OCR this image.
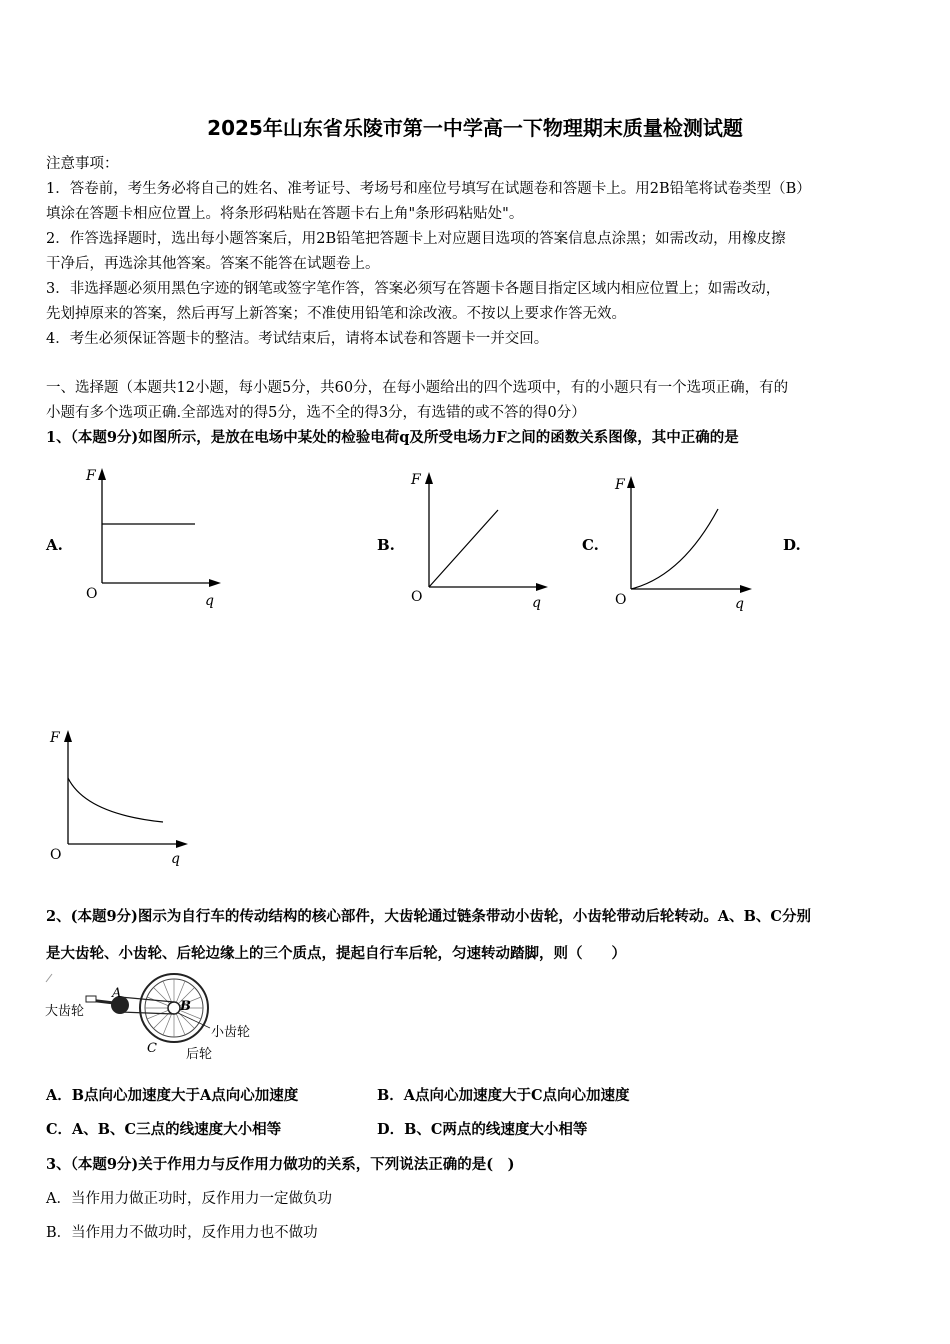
2025年山东省乐陵市第一中学高一下物理期末质量检测试题
注意事项：
1．答卷前，考生务必将自己的姓名、准考证号、考场号和座位号填写在试题卷和答题卡上。用2B铅笔将试卷类型（B）
填涂在答题卡相应位置上。将条形码粘贴在答题卡右上角"条形码粘贴处"。
2．作答选择题时，选出每小题答案后，用2B铅笔把答题卡上对应题目选项的答案信息点涂黑；如需改动，用橡皮擦
干净后，再选涂其他答案。答案不能答在试题卷上。
3．非选择题必须用黑色字迹的钢笔或签字笔作答，答案必须写在答题卡各题目指定区域内相应位置上；如需改动，
先划掉原来的答案，然后再写上新答案；不准使用铅笔和涂改液。不按以上要求作答无效。
4．考生必须保证答题卡的整洁。考试结束后，请将本试卷和答题卡一并交回。
一、选择题（本题共12小题，每小题5分，共60分，在每小题给出的四个选项中，有的小题只有一个选项正确，有的
小题有多个选项正确.全部选对的得5分，选不全的得3分，有选错的或不答的得0分）
1、（本题9分)如图所示，是放在电场中某处的检验电荷q及所受电场力F之间的函数关系图像，其中正确的是
A.	B.	C.	D.
F
q
O
F
q
O
F
q
O
F
q
O
2、(本题9分)图示为自行车的传动结构的核心部件，大齿轮通过链条带动小齿轮，小齿轮带动后轮转动。A、B、C分别
是大齿轮、小齿轮、后轮边缘上的三个质点，提起自行车后轮，匀速转动踏脚，则（　　）
大齿轮
A
B
小齿轮
C 后轮
A．B点向心加速度大于A点向心加速度	B．A点向心加速度大于C点向心加速度
C．A、B、C三点的线速度大小相等	D．B、C两点的线速度大小相等
3、（本题9分)关于作用力与反作用力做功的关系，下列说法正确的是(　)
A．当作用力做正功时，反作用力一定做负功
B．当作用力不做功时，反作用力也不做功
